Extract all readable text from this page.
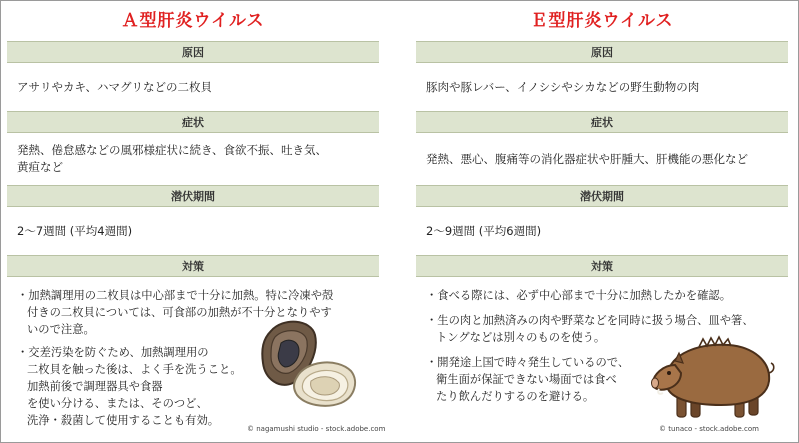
Ａ型肝炎ウイルス
原因
アサリやカキ、ハマグリなどの二枚貝
症状
発熱、倦怠感などの風邪様症状に続き、食欲不振、吐き気、
黄疸など
潜伏期間
2～7週間 (平均4週間)
対策
・加熱調理用の二枚貝は中心部まで十分に加熱。特に冷凍や殻
付きの二枚貝については、可食部の加熱が不十分となりやす
いので注意。
・交差汚染を防ぐため、加熱調理用の
二枚貝を触った後は、よく手を洗うこと。
加熱前後で調理器具や食器
を使い分ける、または、そのつど、
洗浄・殺菌して使用することも有効。
© nagamushi studio - stock.adobe.com
Ｅ型肝炎ウイルス
原因
豚肉や豚レバー、イノシシやシカなどの野生動物の肉
症状
発熱、悪心、腹痛等の消化器症状や肝腫大、肝機能の悪化など
潜伏期間
2～9週間 (平均6週間)
対策
・食べる際には、必ず中心部まで十分に加熱したかを確認。
・生の肉と加熱済みの肉や野菜などを同時に扱う場合、皿や箸、
トングなどは別々のものを使う。
・開発途上国で時々発生しているので、
衛生面が保証できない場面では食べ
たり飲んだりするのを避ける。
© tunaco - stock.adobe.com
